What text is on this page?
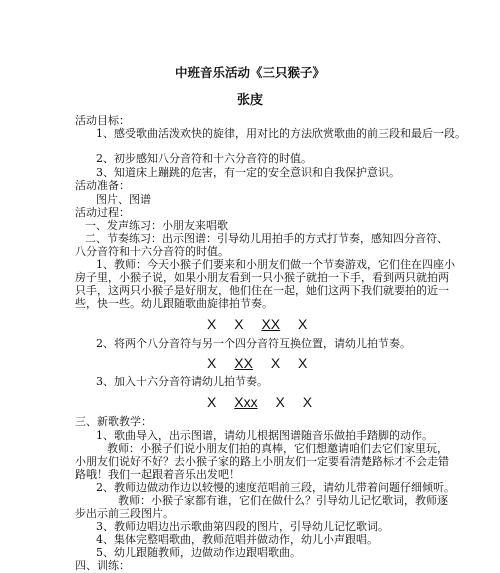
中班音乐活动《三只猴子》
张庋
活动目标：
1、感受歌曲活泼欢快的旋律，用对比的方法欣赏歌曲的前三段和最后一段。
2、初步感知八分音符和十六分音符的时值。
3、知道床上蹦跳的危害，有一定的安全意识和自我保护意识。
活动准备：
图片、图谱
活动过程：
一、发声练习：小朋友来唱歌
二、节奏练习：出示图谱：引导幼儿用拍手的方式打节奏，感知四分音符、
八分音符和十六分音符的时值。
1、教师：今天小猴子们要来和小朋友们做一个节奏游戏，它们住在四座小
房子里，小猴子说，如果小朋友看到一只小猴子就拍一下手，看到两只就拍两
只手，这两只小猴子是好朋友，他们住在一起，她们这两下我们就要拍的近一
些，快一些。幼儿跟随歌曲旋律拍节奏。
X X XX X
2、将两个八分音符与另一个四分音符互换位置，请幼儿拍节奏。
X XX X X
3、加入十六分音符请幼儿拍节奏。
X Xxx X X
三、新歌教学：
1、歌曲导入，出示图谱，请幼儿根据图谱随音乐做拍手踏脚的动作。
教师：小猴子们说小朋友们拍的真棒，它们想邀请咱们去它们家里玩，
小朋友们说好不好？去小猴子家的路上小朋友们一定要看清楚路标才不会走错
路哦！我们一起跟着音乐出发吧！
2、教师边做动作边以较慢的速度范唱前三段，请幼儿带着问题仔细倾听。
教师：小猴子家都有谁，它们在做什么？引导幼儿记忆歌词，教师逐
步出示前三段图片。
3、教师边唱边出示歌曲第四段的图片，引导幼儿记忆歌词。
4、集体完整唱歌曲，教师范唱并做动作，幼儿小声跟唱。
5、幼儿跟随教师，边做动作边跟唱歌曲。
四、训练：
